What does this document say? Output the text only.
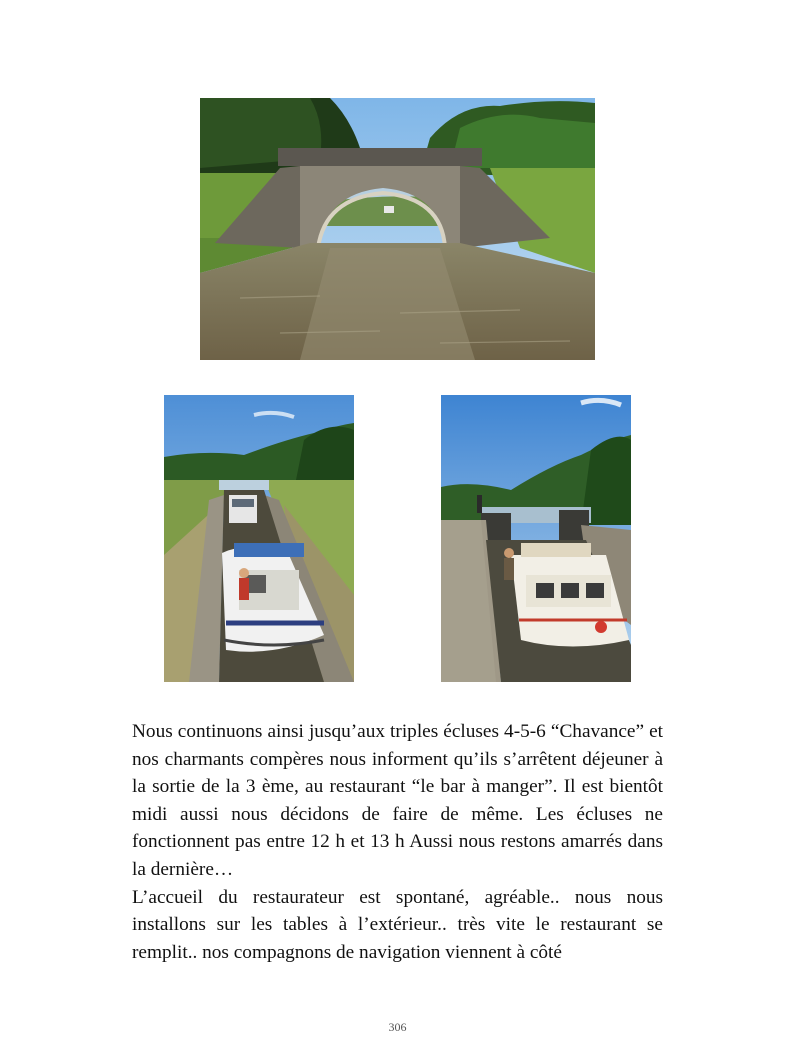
Nous continuons ainsi jusqu’aux triples écluses 4-5-6 “Chavance” et nos charmants compères nous informent qu’ils s’arrêtent déjeuner à la sortie de la 3 ème, au restaurant “le bar à manger”. Il est bientôt midi aussi nous décidons de faire de même. Les écluses ne fonctionnent pas entre 12 h et 13 h Aussi nous restons amarrés dans la dernière…

L’accueil du restaurateur est spontané, agréable.. nous nous installons sur les tables à l’extérieur.. très vite le restaurant se remplit.. nos compagnons de navigation viennent à côté

306
